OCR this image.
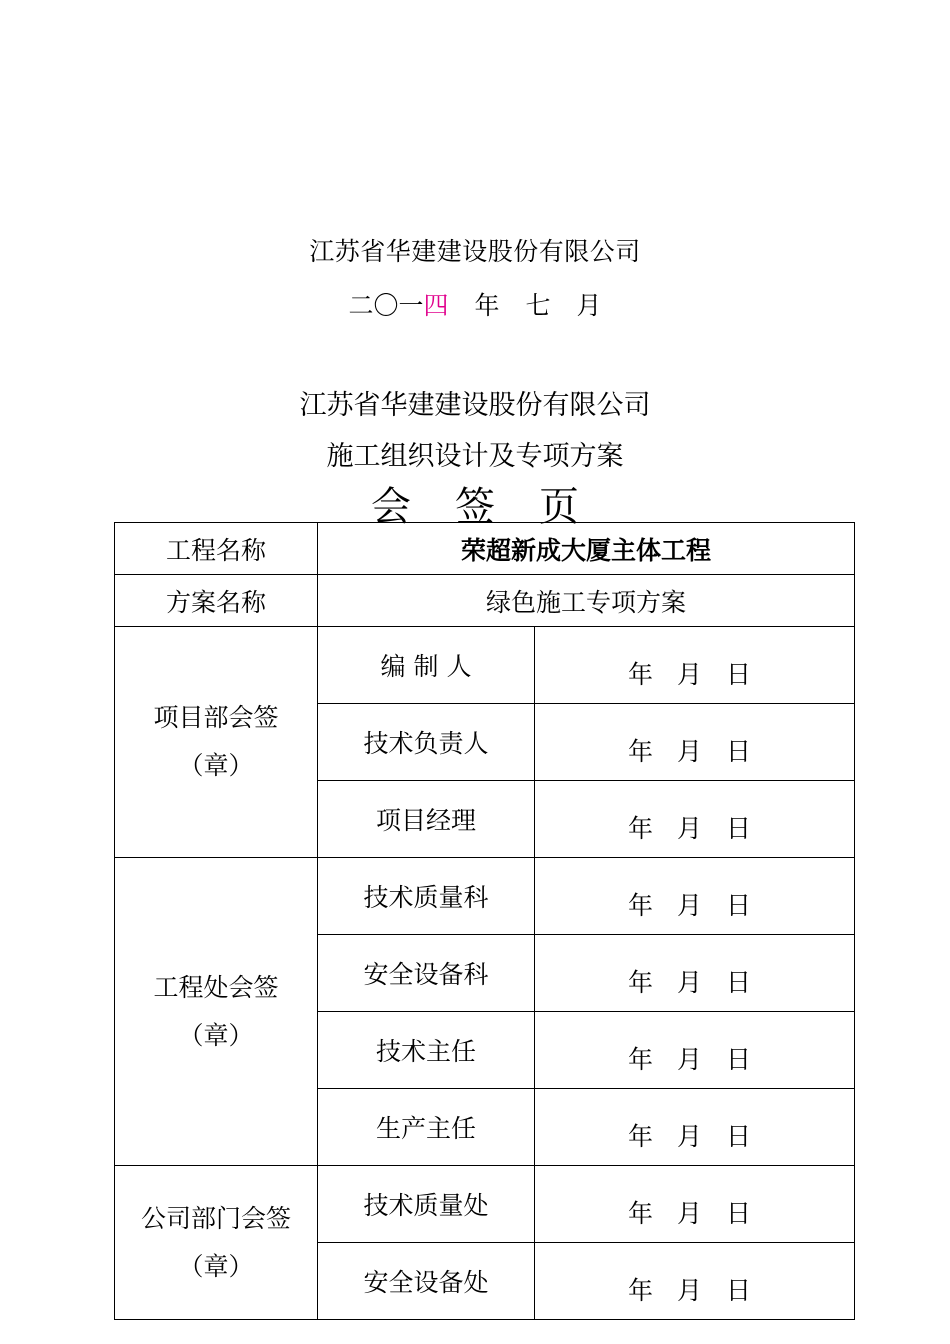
江苏省华建建设股份有限公司
二〇一四 年 七 月
江苏省华建建设股份有限公司
施工组织设计及专项方案
会签页
工程名称	荣超新成大厦主体工程	
方案名称	绿色施工专项方案	

项目部会签
（章）	编 制 人	年 月 日
	技术负责人	年 月 日
	项目经理	年 月 日

工程处会签
（章）	技术质量科	年 月 日
	安全设备科	年 月 日
	技术主任	年 月 日
	生产主任	年 月 日

公司部门会签
（章）	技术质量处	年 月 日
	安全设备处	年 月 日
